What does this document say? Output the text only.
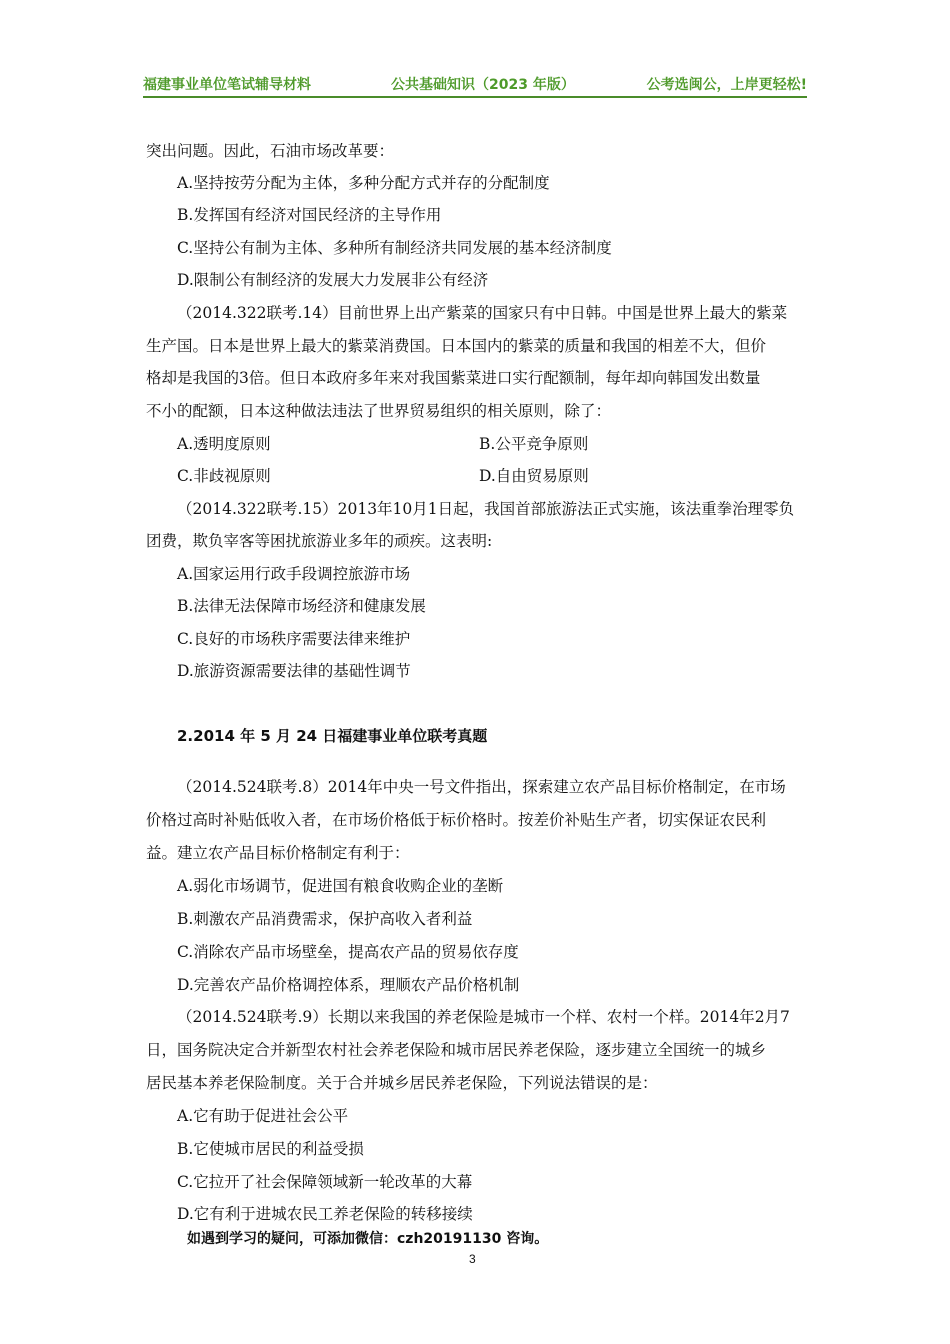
福建事业单位笔试辅导材料	公共基础知识（2023 年版）	公考选闽公，上岸更轻松!
突出问题。因此，石油市场改革要：
A.坚持按劳分配为主体，多种分配方式并存的分配制度
B.发挥国有经济对国民经济的主导作用
C.坚持公有制为主体、多种所有制经济共同发展的基本经济制度
D.限制公有制经济的发展大力发展非公有经济
（2014.322联考.14）目前世界上出产紫菜的国家只有中日韩。中国是世界上最大的紫菜
生产国。日本是世界上最大的紫菜消费国。日本国内的紫菜的质量和我国的相差不大，但价
格却是我国的3倍。但日本政府多年来对我国紫菜进口实行配额制，每年却向韩国发出数量
不小的配额，日本这种做法违法了世界贸易组织的相关原则，除了：
A.透明度原则	B.公平竞争原则
C.非歧视原则	D.自由贸易原则
（2014.322联考.15）2013年10月1日起，我国首部旅游法正式实施，该法重拳治理零负
团费，欺负宰客等困扰旅游业多年的顽疾。这表明:
A.国家运用行政手段调控旅游市场
B.法律无法保障市场经济和健康发展
C.良好的市场秩序需要法律来维护
D.旅游资源需要法律的基础性调节
2.2014 年 5 月 24 日福建事业单位联考真题
（2014.524联考.8）2014年中央一号文件指出，探索建立农产品目标价格制定，在市场
价格过高时补贴低收入者，在市场价格低于标价格时。按差价补贴生产者，切实保证农民利
益。建立农产品目标价格制定有利于：
A.弱化市场调节，促进国有粮食收购企业的垄断
B.刺激农产品消费需求，保护高收入者利益
C.消除农产品市场壁垒，提高农产品的贸易依存度
D.完善农产品价格调控体系，理顺农产品价格机制
（2014.524联考.9）长期以来我国的养老保险是城市一个样、农村一个样。2014年2月7
日，国务院决定合并新型农村社会养老保险和城市居民养老保险，逐步建立全国统一的城乡
居民基本养老保险制度。关于合并城乡居民养老保险，下列说法错误的是：
A.它有助于促进社会公平
B.它使城市居民的利益受损
C.它拉开了社会保障领域新一轮改革的大幕
D.它有利于进城农民工养老保险的转移接续
如遇到学习的疑问，可添加微信：czh20191130 咨询。
3
